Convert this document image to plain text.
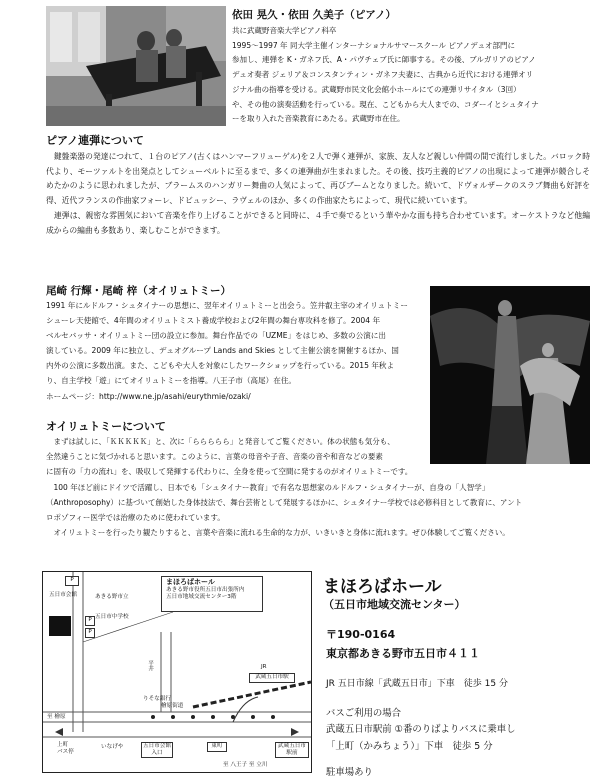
依田 晃久・依田 久美子（ピアノ）
共に武蔵野音楽大学ピアノ科卒
1995〜1997 年 同大学主催インターナショナルサマースクール ピアノデュオ部門に
参加し、連弾を K・ガネフ氏、A・パヴチェブ氏に師事する。その後、ブルガリアのピアノ
デュオ奏者 ジェリア＆コンスタンティン・ガネフ夫妻に、古典から近代における連弾オリ
ジナル曲の指導を受ける。武蔵野市民文化会館小ホールにての連弾リサイタル（3回）
や、その他の演奏活動を行っている。現在、こどもから大人までの、コダーイとシュタイナ
ーを取り入れた音楽教育にあたる。武蔵野市在住。
ピアノ連弾について

　鍵盤楽器の発達につれて、１台のピアノ(古くはハンマーフリューゲル)を２人で弾く連弾が、家族、友人など親しい仲間の間で流行しました。バロック時代より、モーツァルトを出発点としてシューベルトに至るまで、多くの連弾曲が生まれました。その後、技巧主義的ピアノの出現によって連弾が競合しそめたかのように思われましたが、ブラームスのハンガリー舞曲の人気によって、再びブームとなりました。続いて、ドヴォルザークのスラブ舞曲も好評を得、近代フランスの作曲家フォーレ、ドビュッシー、ラヴェルのほか、多くの作曲家たちによって、現代に続いています。

　連弾は、親密な雰囲気において音楽を作り上げることができると同時に、４手で奏でるという華やかな面も持ち合わせています。オーケストラなど他編成からの編曲も多数あり、楽しむことができます。

尾崎 行輝・尾崎 梓（オイリュトミー）
1991 年にルドルフ・シュタイナーの思想に、翌年オイリュトミーと出会う。笠井叡主宰のオイリュトミー
シューレ天使館で、4年間のオイリュトミスト養成学校および2年間の舞台専攻科を修了。2004 年
ベルセバッサ・オイリュトミー団の設立に参加。舞台作品での「UZME」をはじめ、多数の公演に出
演している。2009 年に独立し、デュオグループ Lands and Skies として主催公演を開催するほか、国
内外の公演に多数出演。また、こどもや大人を対象にしたワークショップを行っている。2015 年秋よ
り、自主学校「遊」にてオイリュトミーを指導。八王子市（高尾）在住。
ホームページ：http://www.ne.jp/asahi/eurythmie/ozaki/
オイリュトミーについて
　まずは試しに、「ＫＫＫＫＫ」と、次に「ららららら」と発音してご覧ください。体の状態も気分も、
全然違うことに気づかれると思います。このように、言葉の母音や子音、音楽の音や和音などの要素
に固有の「力の流れ」を、吸収して発揮する代わりに、全身を使って空間に発するのがオイリュトミーです。
　100 年ほど前にドイツで活躍し、日本でも「シュタイナー教育」で有名な思想家のルドルフ・シュタイナーが、自身の「人智学」
（Anthroposophy）に基づいて創始した身体技法で、舞台芸術として発展するほかに、シュタイナー学校では必修科目として教育に、アント
ロポゾフィー医学では治療のために使われています。
　オイリュトミーを行ったり観たりすると、言葉や音楽に流れる生命的な力が、いきいきと身体に流れます。ぜひ体験してご覧ください。
P
五日市会館
P
P
あきる野市立
五日市中学校
まほろばホール
あきる野市役所五日市出張所内
五日市地域交流センター3階
平井
りそな銀行
JR
武蔵五日市駅
檜原街道
至 檜原
上町
バス停
いなげや	五日市会館入口
東町	武蔵五日市駅前
至 八王子 至 立川
まほろばホール
（五日市地域交流センター）
〒190-0164
東京都あきる野市五日市４１１
JR 五日市線「武蔵五日市」下車　徒歩 15 分
バスご利用の場合
武蔵五日市駅前 ①番のりばよりバスに乗車し
「上町（かみちょう）」下車　徒歩 5 分
駐車場あり
